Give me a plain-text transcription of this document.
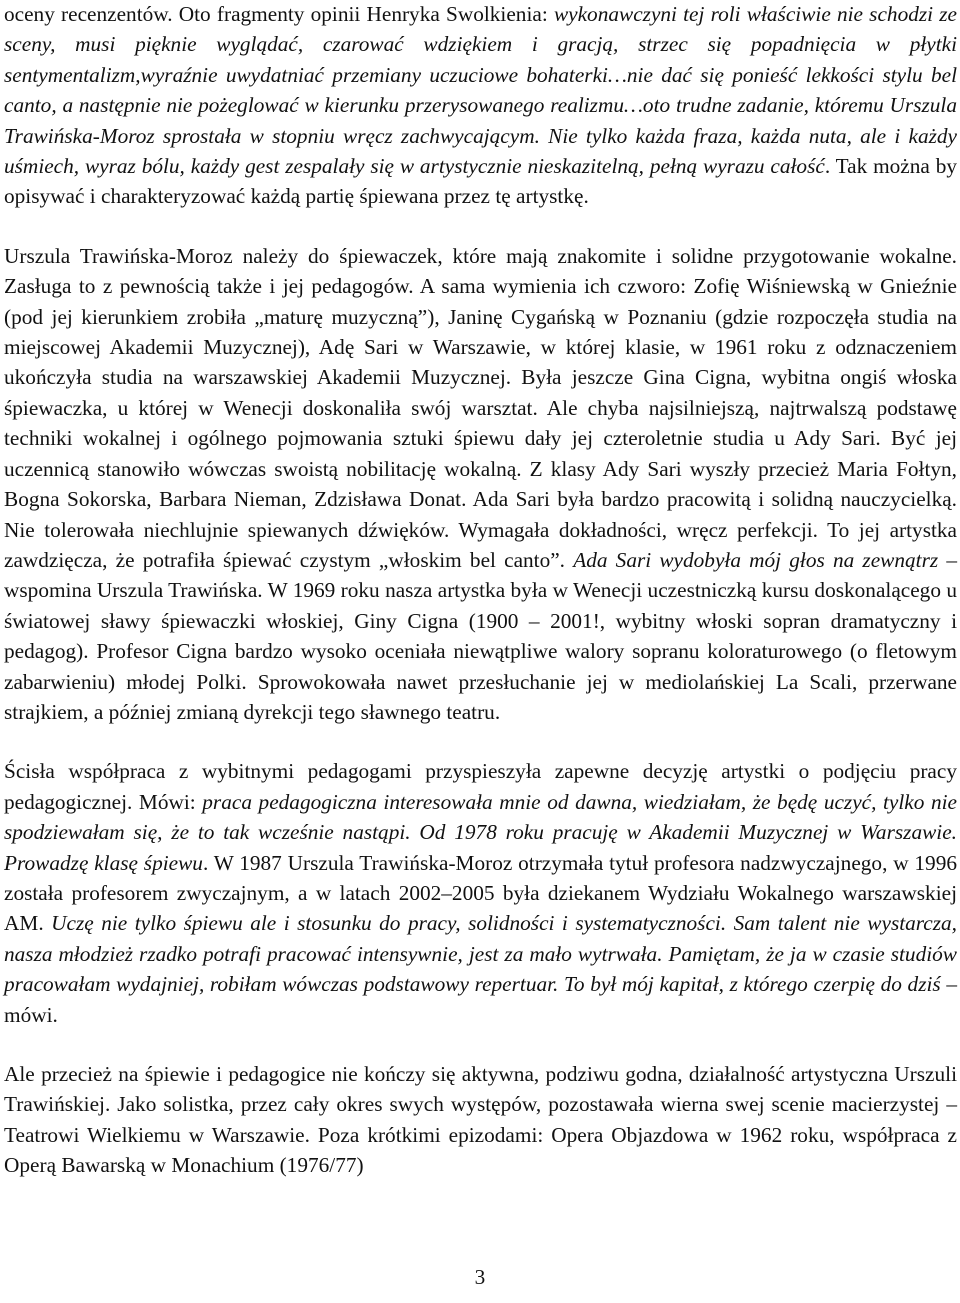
oceny recenzentów. Oto fragmenty opinii Henryka Swolkienia: wykonawczyni tej roli właściwie nie schodzi ze sceny, musi pięknie wyglądać, czarować wdziękiem i gracją, strzec się popadnięcia w płytki sentymentalizm,wyraźnie uwydatniać przemiany uczuciowe bohaterki…nie dać się ponieść lekkości stylu bel canto, a następnie nie pożeglować w kierunku przerysowanego realizmu…oto trudne zadanie, któremu Urszula Trawińska-Moroz sprostała w stopniu wręcz zachwycającym. Nie tylko każda fraza, każda nuta, ale i każdy uśmiech, wyraz bólu, każdy gest zespalały się w artystycznie nieskazitelną, pełną wyrazu całość. Tak można by opisywać i charakteryzować każdą partię śpiewana przez tę artystkę.

Urszula Trawińska-Moroz należy do śpiewaczek, które mają znakomite i solidne przygotowanie wokalne. Zasługa to z pewnością także i jej pedagogów. A sama wymienia ich czworo: Zofię Wiśniewską w Gnieźnie (pod jej kierunkiem zrobiła „maturę muzyczną”), Janinę Cygańską w Poznaniu (gdzie rozpoczęła studia na miejscowej Akademii Muzycznej), Adę Sari w Warszawie, w której klasie, w 1961 roku z odznaczeniem ukończyła studia na warszawskiej Akademii Muzycznej. Była jeszcze Gina Cigna, wybitna ongiś włoska śpiewaczka, u której w Wenecji doskonaliła swój warsztat. Ale chyba najsilniejszą, najtrwalszą podstawę techniki wokalnej i ogólnego pojmowania sztuki śpiewu dały jej czteroletnie studia u Ady Sari. Być jej uczennicą stanowiło wówczas swoistą nobilitację wokalną. Z klasy Ady Sari wyszły przecież Maria Fołtyn, Bogna Sokorska, Barbara Nieman, Zdzisława Donat. Ada Sari była bardzo pracowitą i solidną nauczycielką. Nie tolerowała niechlujnie spiewanych dźwięków. Wymagała dokładności, wręcz perfekcji. To jej artystka zawdzięcza, że potrafiła śpiewać czystym „włoskim bel canto”. Ada Sari wydobyła mój głos na zewnątrz – wspomina Urszula Trawińska. W 1969 roku nasza artystka była w Wenecji uczestniczką kursu doskonalącego u światowej sławy śpiewaczki włoskiej, Giny Cigna (1900 – 2001!, wybitny włoski sopran dramatyczny i pedagog). Profesor Cigna bardzo wysoko oceniała niewątpliwe walory sopranu koloraturowego (o fletowym zabarwieniu) młodej Polki. Sprowokowała nawet przesłuchanie jej w mediolańskiej La Scali, przerwane strajkiem, a później zmianą dyrekcji tego sławnego teatru.

Ścisła współpraca z wybitnymi pedagogami przyspieszyła zapewne decyzję artystki o podjęciu pracy pedagogicznej. Mówi: praca pedagogiczna interesowała mnie od dawna, wiedziałam, że będę uczyć, tylko nie spodziewałam się, że to tak wcześnie nastąpi. Od 1978 roku pracuję w Akademii Muzycznej w Warszawie. Prowadzę klasę śpiewu. W 1987 Urszula Trawińska-Moroz otrzymała tytuł profesora nadzwyczajnego, w 1996 została profesorem zwyczajnym, a w latach 2002–2005 była dziekanem Wydziału Wokalnego warszawskiej AM. Uczę nie tylko śpiewu ale i stosunku do pracy, solidności i systematyczności. Sam talent nie wystarcza, nasza młodzież rzadko potrafi pracować intensywnie, jest za mało wytrwała. Pamiętam, że ja w czasie studiów pracowałam wydajniej, robiłam wówczas podstawowy repertuar. To był mój kapitał, z którego czerpię do dziś – mówi.

Ale przecież na śpiewie i pedagogice nie kończy się aktywna, podziwu godna, działalność artystyczna Urszuli Trawińskiej. Jako solistka, przez cały okres swych występów, pozostawała wierna swej scenie macierzystej – Teatrowi Wielkiemu w Warszawie. Poza krótkimi epizodami: Opera Objazdowa w 1962 roku, współpraca z Operą Bawarską w Monachium (1976/77)

3
